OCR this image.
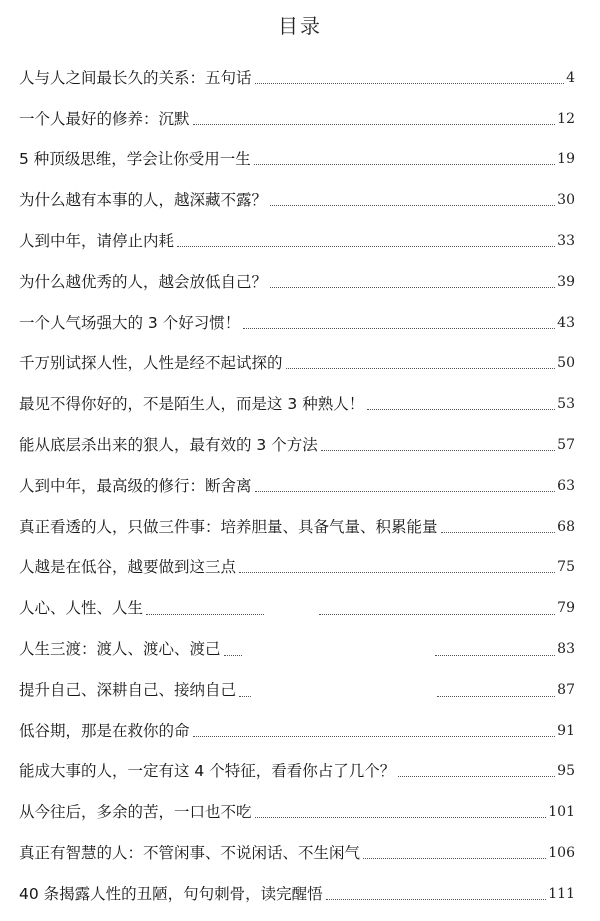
目录
人与人之间最长久的关系：五句话	4
一个人最好的修养：沉默	12
5 种顶级思维，学会让你受用一生	19
为什么越有本事的人，越深藏不露？	30
人到中年，请停止内耗	33
为什么越优秀的人，越会放低自己？	39
一个人气场强大的 3 个好习惯！	43
千万别试探人性，人性是经不起试探的	50
最见不得你好的，不是陌生人，而是这 3 种熟人！	53
能从底层杀出来的狠人，最有效的 3 个方法	57
人到中年，最高级的修行：断舍离	63
真正看透的人，只做三件事：培养胆量、具备气量、积累能量	68
人越是在低谷，越要做到这三点	75
人心、人性、人生	79
人生三渡：渡人、渡心、渡己	83
提升自己、深耕自己、接纳自己	87
低谷期，那是在救你的命	91
能成大事的人，一定有这 4 个特征，看看你占了几个？	95
从今往后，多余的苦，一口也不吃	101
真正有智慧的人：不管闲事、不说闲话、不生闲气	106
40 条揭露人性的丑陋，句句刺骨，读完醒悟	111
